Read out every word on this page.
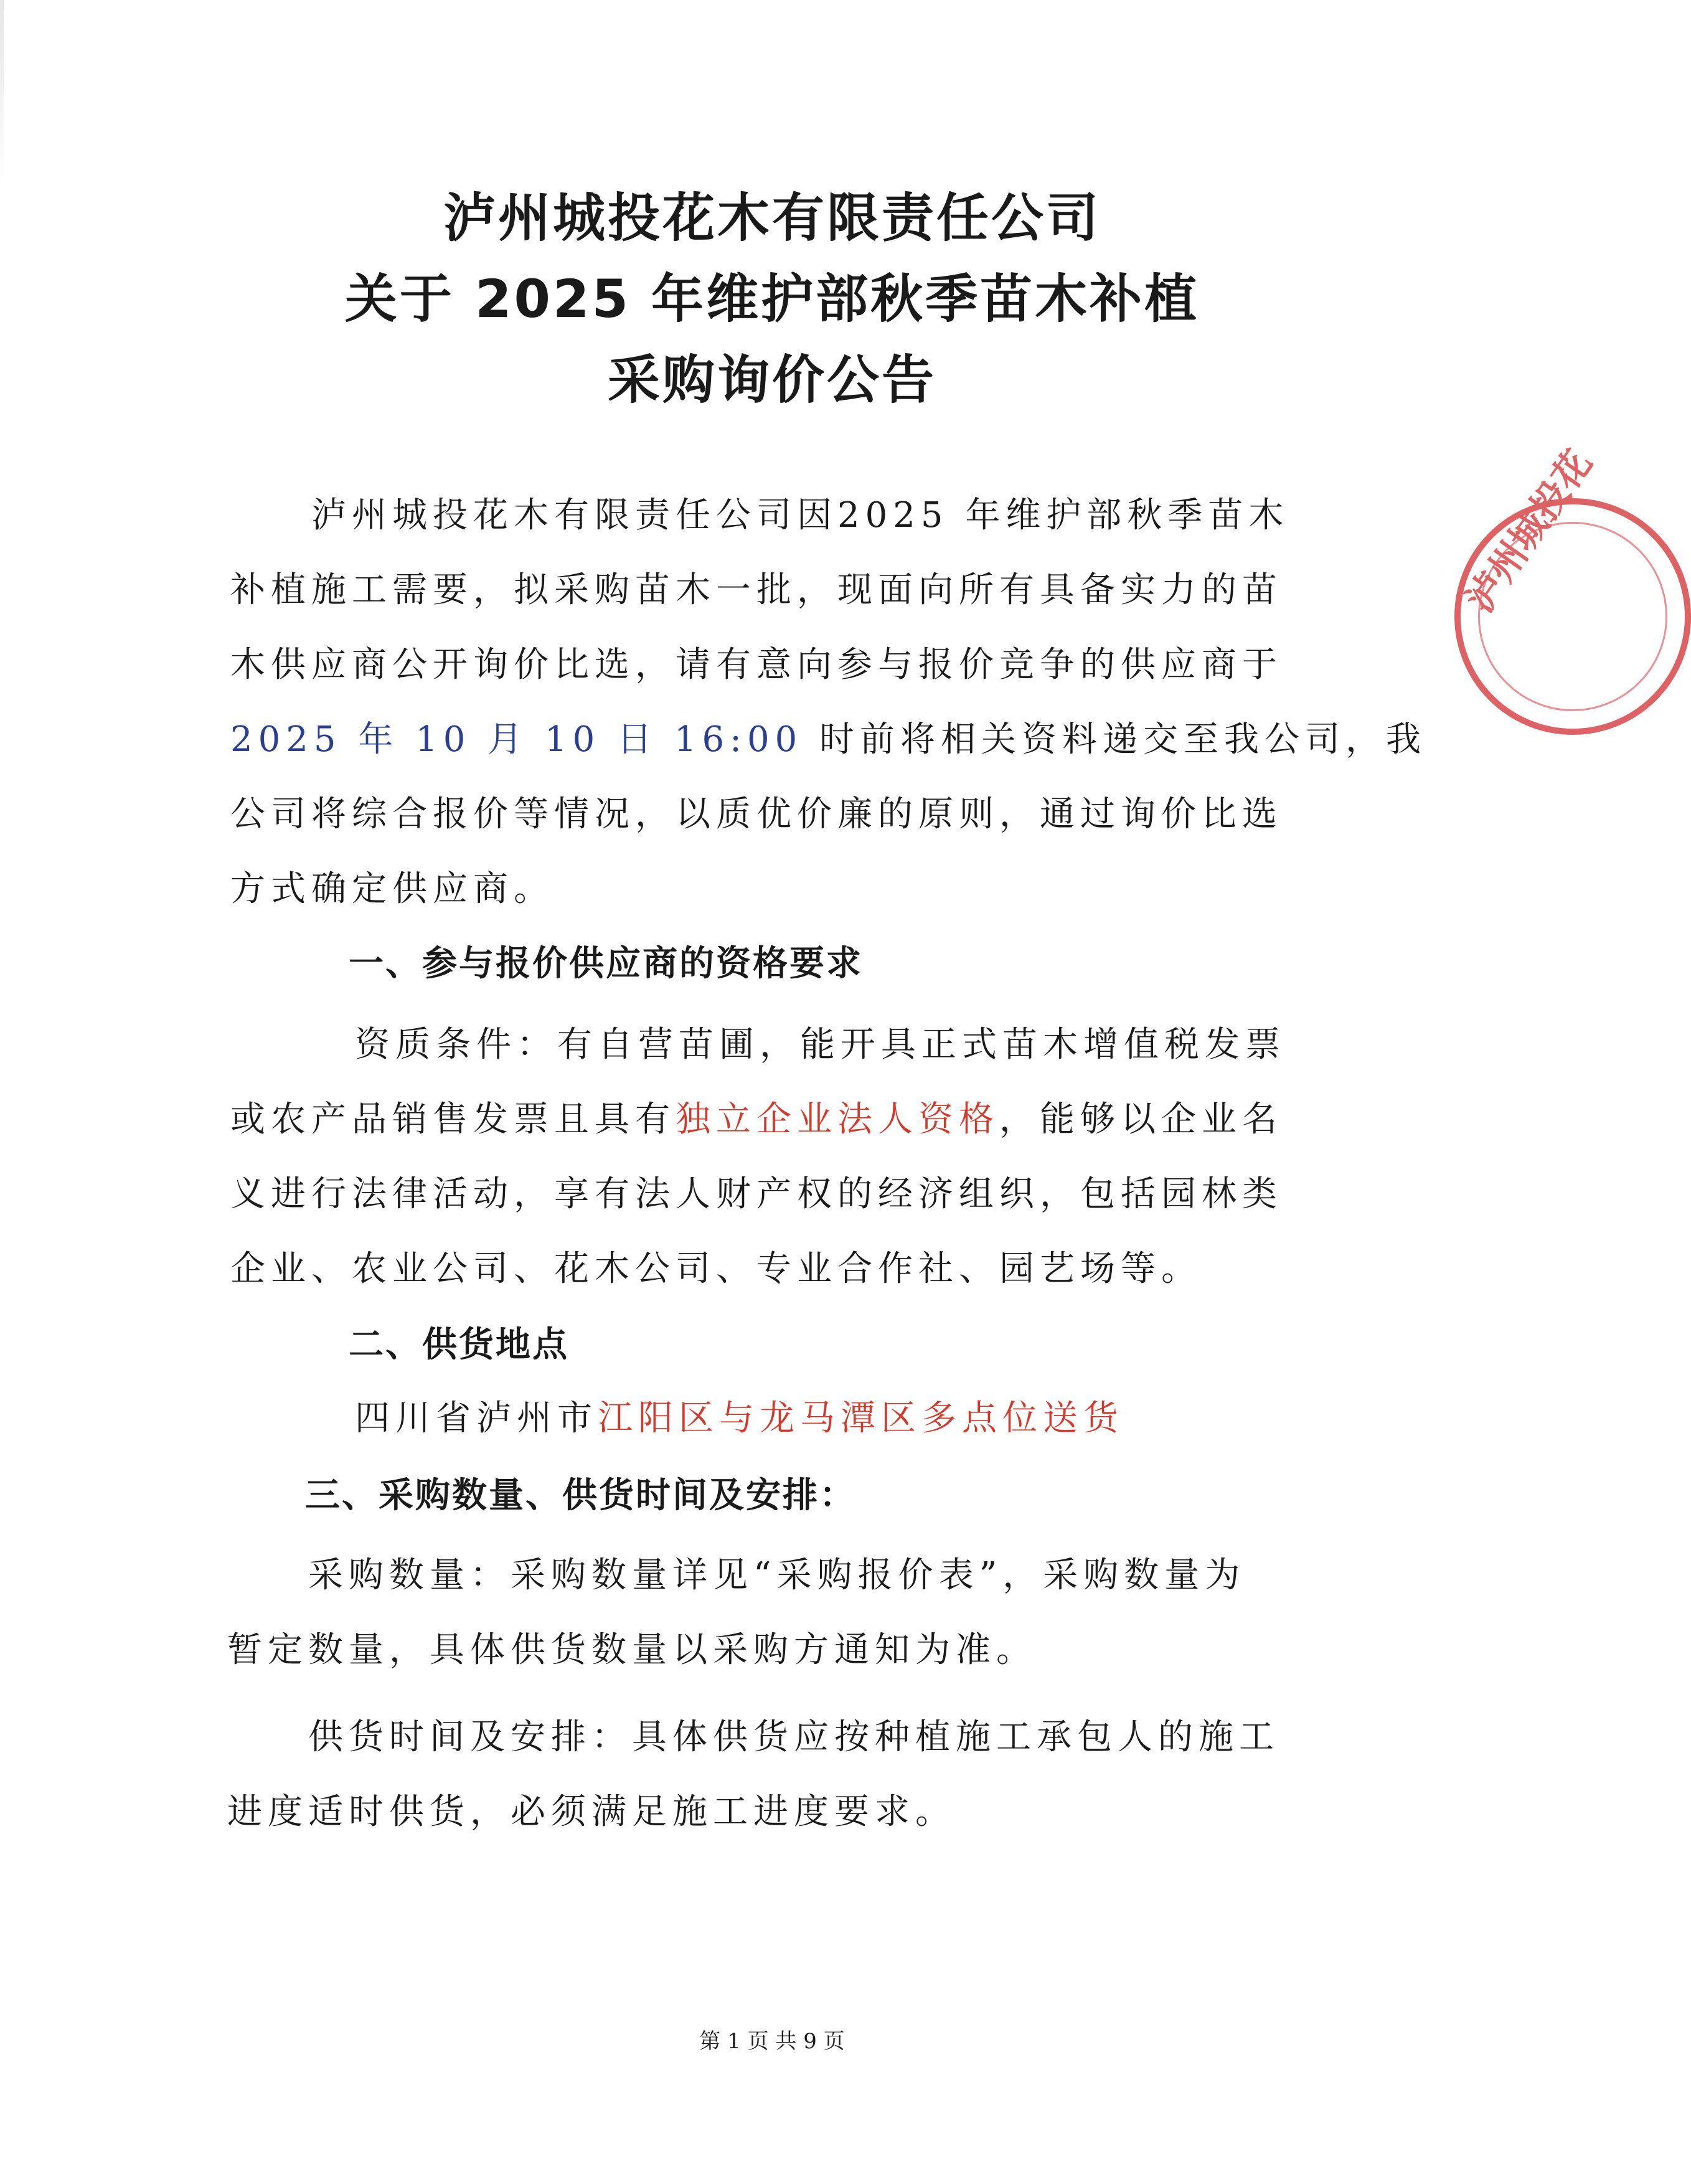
泸州城投花木有限责任公司
关于 2025 年维护部秋季苗木补植
采购询价公告
泸州城投花木有限责任公司因2025 年维护部秋季苗木
补植施工需要，拟采购苗木一批，现面向所有具备实力的苗
木供应商公开询价比选，请有意向参与报价竞争的供应商于
2025 年 10 月 10 日 16:00 时前将相关资料递交至我公司，我
公司将综合报价等情况，以质优价廉的原则，通过询价比选
方式确定供应商。
一、参与报价供应商的资格要求
资质条件：有自营苗圃，能开具正式苗木增值税发票
或农产品销售发票且具有独立企业法人资格，能够以企业名
义进行法律活动，享有法人财产权的经济组织，包括园林类
企业、农业公司、花木公司、专业合作社、园艺场等。
二、供货地点
四川省泸州市江阳区与龙马潭区多点位送货
三、采购数量、供货时间及安排：
采购数量：采购数量详见“采购报价表”，采购数量为
暂定数量，具体供货数量以采购方通知为准。
供货时间及安排：具体供货应按种植施工承包人的施工
进度适时供货，必须满足施工进度要求。
第 1 页 共 9 页
泸州城投花
